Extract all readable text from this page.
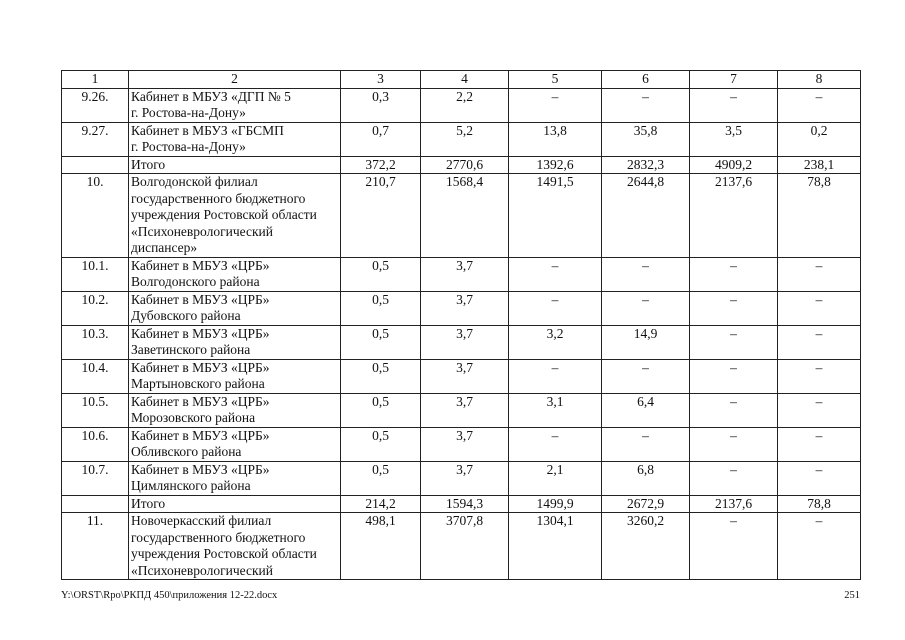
1	2	3	4	5	6	7	8
9.26.	Кабинет в МБУЗ «ДГП № 5
г. Ростова-на-Дону»	0,3	2,2	–	–	–	–
9.27.	Кабинет в МБУЗ «ГБСМП
г. Ростова-на-Дону»	0,7	5,2	13,8	35,8	3,5	0,2
	Итого	372,2	2770,6	1392,6	2832,3	4909,2	238,1
10.	Волгодонской филиал
государственного бюджетного
учреждения Ростовской области
«Психоневрологический
диспансер»	210,7	1568,4	1491,5	2644,8	2137,6	78,8
10.1.	Кабинет в МБУЗ «ЦРБ»
Волгодонского района	0,5	3,7	–	–	–	–
10.2.	Кабинет в МБУЗ «ЦРБ»
Дубовского района	0,5	3,7	–	–	–	–
10.3.	Кабинет в МБУЗ «ЦРБ»
Заветинского района	0,5	3,7	3,2	14,9	–	–
10.4.	Кабинет в МБУЗ «ЦРБ»
Мартыновского района	0,5	3,7	–	–	–	–
10.5.	Кабинет в МБУЗ «ЦРБ»
Морозовского района	0,5	3,7	3,1	6,4	–	–
10.6.	Кабинет в МБУЗ «ЦРБ»
Обливского района	0,5	3,7	–	–	–	–
10.7.	Кабинет в МБУЗ «ЦРБ»
Цимлянского района	0,5	3,7	2,1	6,8	–	–
	Итого	214,2	1594,3	1499,9	2672,9	2137,6	78,8
11.	Новочеркасский филиал
государственного бюджетного
учреждения Ростовской области
«Психоневрологический	498,1	3707,8	1304,1	3260,2	–	–
Y:\ORST\Rpo\РКПД 450\приложения 12-22.docx	251
